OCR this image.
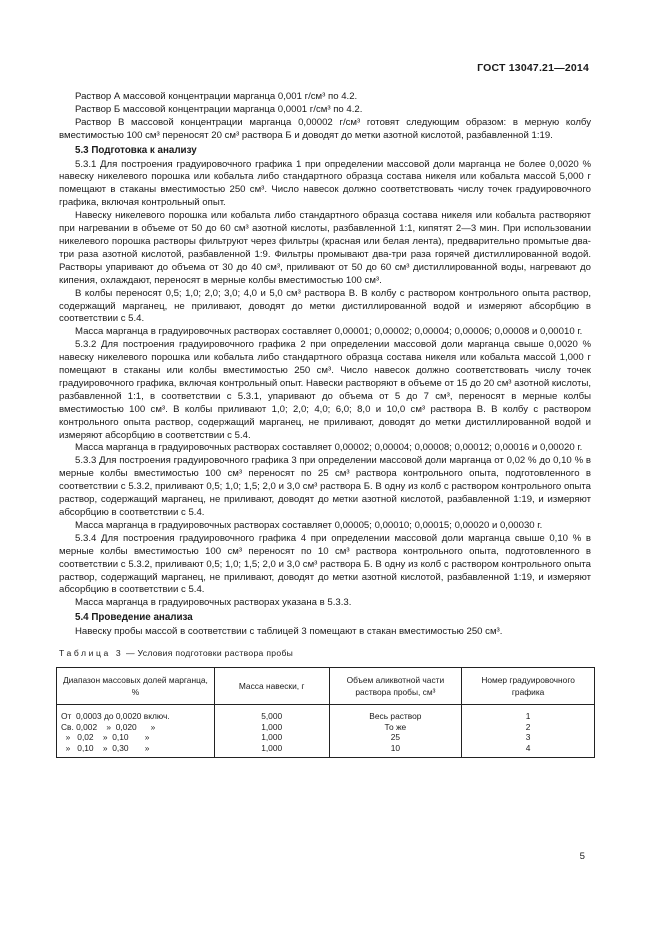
ГОСТ 13047.21—2014

Раствор А массовой концентрации марганца 0,001 г/см³ по 4.2.

Раствор Б массовой концентрации марганца 0,0001 г/см³ по 4.2.

Раствор В массовой концентрации марганца 0,00002 г/см³ готовят следующим образом: в мерную колбу вместимостью 100 см³ переносят 20 см³ раствора Б и доводят до метки азотной кислотой, разбавленной 1:19.

5.3 Подготовка к анализу

5.3.1 Для построения градуировочного графика 1 при определении массовой доли марганца не более 0,0020 % навеску никелевого порошка или кобальта либо стандартного образца состава никеля или кобальта массой 5,000 г помещают в стаканы вместимостью 250 см³. Число навесок должно соответствовать числу точек градуировочного графика, включая контрольный опыт.

Навеску никелевого порошка или кобальта либо стандартного образца состава никеля или кобальта растворяют при нагревании в объеме от 50 до 60 см³ азотной кислоты, разбавленной 1:1, кипятят 2—3 мин. При использовании никелевого порошка растворы фильтруют через фильтры (красная или белая лента), предварительно промытые два-три раза азотной кислотой, разбавленной 1:9. Фильтры промывают два-три раза горячей дистиллированной водой. Растворы упаривают до объема от 30 до 40 см³, приливают от 50 до 60 см³ дистиллированной воды, нагревают до кипения, охлаждают, переносят в мерные колбы вместимостью 100 см³.

В колбы переносят 0,5; 1,0; 2,0; 3,0; 4,0 и 5,0 см³ раствора В. В колбу с раствором контрольного опыта раствор, содержащий марганец, не приливают, доводят до метки дистиллированной водой и измеряют абсорбцию в соответствии с 5.4.

Масса марганца в градуировочных растворах составляет 0,00001; 0,00002; 0,00004; 0,00006; 0,00008 и 0,00010 г.

5.3.2 Для построения градуировочного графика 2 при определении массовой доли марганца свыше 0,0020 % навеску никелевого порошка или кобальта либо стандартного образца состава никеля или кобальта массой 1,000 г помещают в стаканы или колбы вместимостью 250 см³. Число навесок должно соответствовать числу точек градуировочного графика, включая контрольный опыт. Навески растворяют в объеме от 15 до 20 см³ азотной кислоты, разбавленной 1:1, в соответствии с 5.3.1, упаривают до объема от 5 до 7 см³, переносят в мерные колбы вместимостью 100 см³. В колбы приливают 1,0; 2,0; 4,0; 6,0; 8,0 и 10,0 см³ раствора В. В колбу с раствором контрольного опыта раствор, содержащий марганец, не приливают, доводят до метки дистиллированной водой и измеряют абсорбцию в соответствии с 5.4.

Масса марганца в градуировочных растворах составляет 0,00002; 0,00004; 0,00008; 0,00012; 0,00016 и 0,00020 г.

5.3.3 Для построения градуировочного графика 3 при определении массовой доли марганца от 0,02 % до 0,10 % в мерные колбы вместимостью 100 см³ переносят по 25 см³ раствора контрольного опыта, подготовленного в соответствии с 5.3.2, приливают 0,5; 1,0; 1,5; 2,0 и 3,0 см³ раствора Б. В одну из колб с раствором контрольного опыта раствор, содержащий марганец, не приливают, доводят до метки азотной кислотой, разбавленной 1:19, и измеряют абсорбцию в соответствии с 5.4.

Масса марганца в градуировочных растворах составляет 0,00005; 0,00010; 0,00015; 0,00020 и 0,00030 г.

5.3.4 Для построения градуировочного графика 4 при определении массовой доли марганца свыше 0,10 % в мерные колбы вместимостью 100 см³ переносят по 10 см³ раствора контрольного опыта, подготовленного в соответствии с 5.3.2, приливают 0,5; 1,0; 1,5; 2,0 и 3,0 см³ раствора Б. В одну из колб с раствором контрольного опыта раствор, содержащий марганец, не приливают, доводят до метки азотной кислотой, разбавленной 1:19, и измеряют абсорбцию в соответствии с 5.4.

Масса марганца в градуировочных растворах указана в 5.3.3.

5.4 Проведение анализа

Навеску пробы массой в соответствии с таблицей 3 помещают в стакан вместимостью 250 см³.

Таблица 3 — Условия подготовки раствора пробы
Диапазон массовых долей марганца, %	Масса навески, г	Объем аликвотной части раствора пробы, см³	Номер градуировочного графика
От  0,0003 до 0,0020 включ.	5,000	Весь раствор	1
Св. 0,002    »  0,020      »	1,000	То же	2
»   0,02    »  0,10       »	1,000	25	3
»   0,10    »  0,30       »	1,000	10	4
5
